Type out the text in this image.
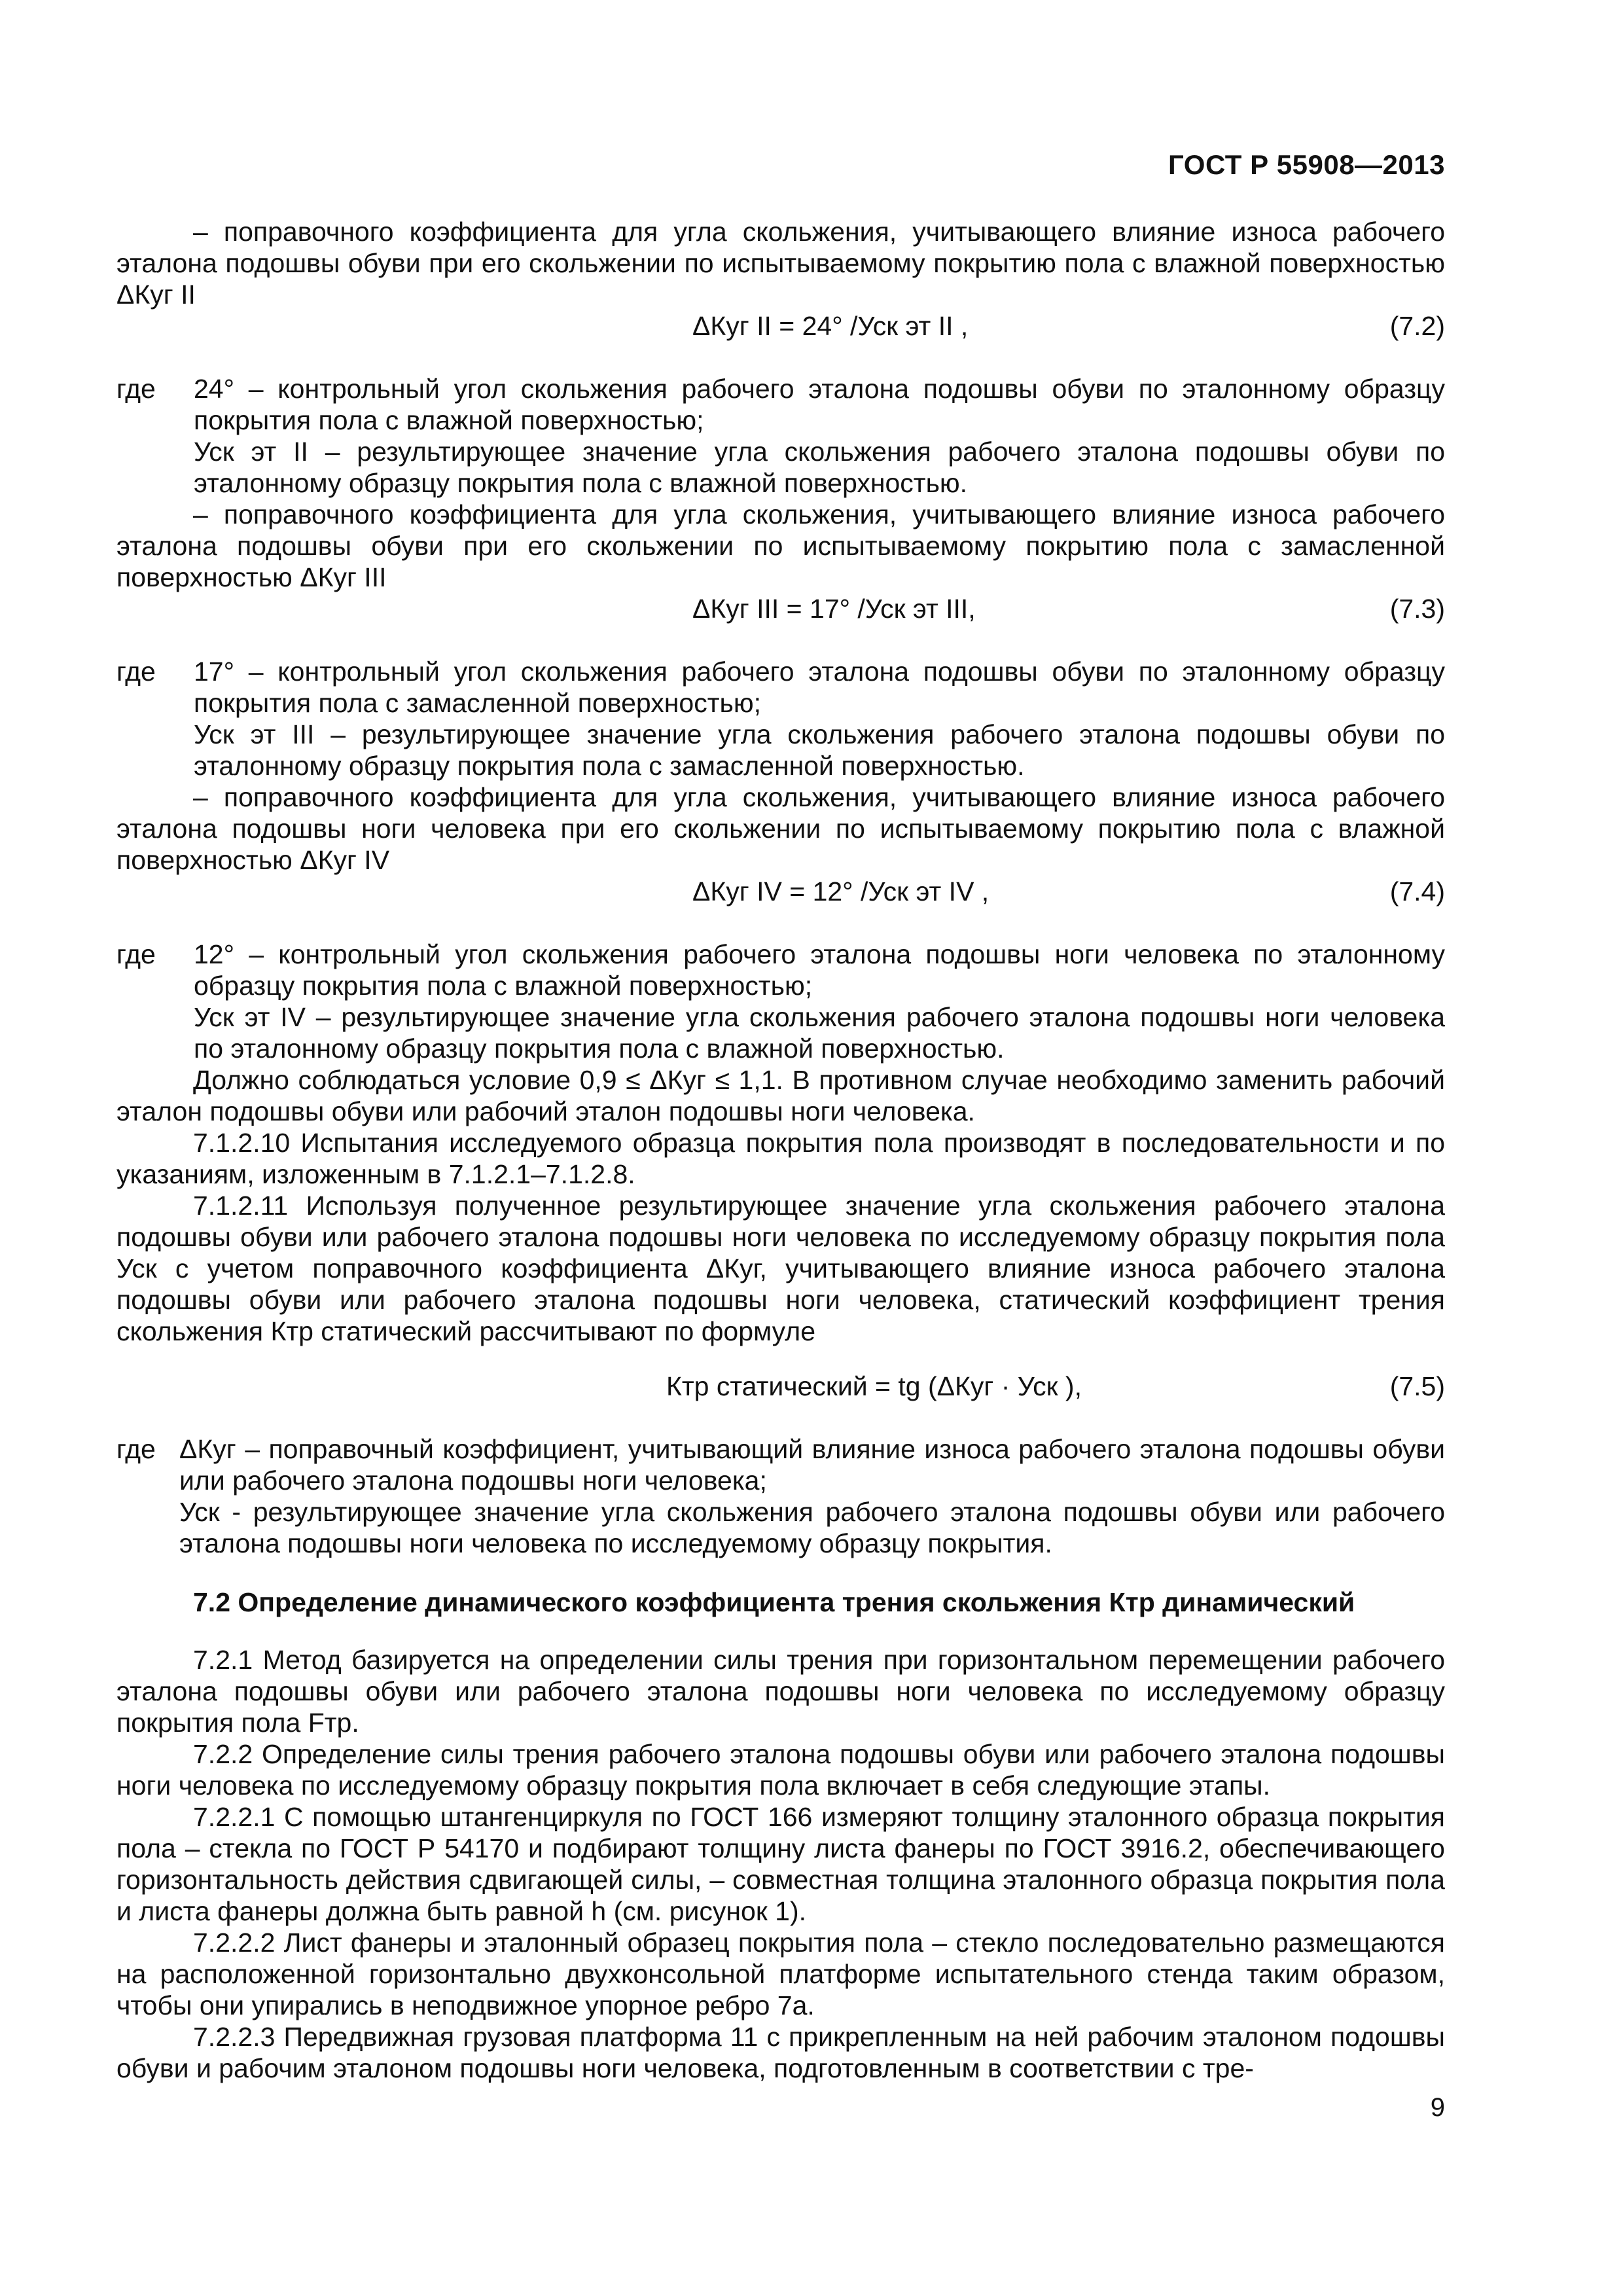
ГОСТ Р 55908—2013

– поправочного коэффициента для угла скольжения, учитывающего влияние износа рабочего эталона подошвы обуви при его скольжении по испытываемому покрытию пола с влажной поверхностью ΔКуг II

ΔКуг II = 24° /Уск эт II ,	(7.2)
где 24° – контрольный угол скольжения рабочего эталона подошвы обуви по эталонному образцу покрытия пола с влажной поверхностью;

Уск эт II – результирующее значение угла скольжения рабочего эталона подошвы обуви по эталонному образцу покрытия пола с влажной поверхностью.

– поправочного коэффициента для угла скольжения, учитывающего влияние износа рабочего эталона подошвы обуви при его скольжении по испытываемому покрытию пола с замасленной поверхностью ΔКуг III

ΔКуг III = 17° /Уск эт III,	(7.3)
где 17° – контрольный угол скольжения рабочего эталона подошвы обуви по эталонному образцу покрытия пола с замасленной поверхностью;

Уск эт III – результирующее значение угла скольжения рабочего эталона подошвы обуви по эталонному образцу покрытия пола с замасленной поверхностью.

– поправочного коэффициента для угла скольжения, учитывающего влияние износа рабочего эталона подошвы ноги человека при его скольжении по испытываемому покрытию пола с влажной поверхностью ΔКуг IV

ΔКуг IV = 12° /Уск эт IV ,	(7.4)
где 12° – контрольный угол скольжения рабочего эталона подошвы ноги человека по эталонному образцу покрытия пола с влажной поверхностью;

Уск эт IV – результирующее значение угла скольжения рабочего эталона подошвы ноги человека по эталонному образцу покрытия пола с влажной поверхностью.

Должно соблюдаться условие 0,9 ≤ ΔКуг ≤ 1,1. В противном случае необходимо заменить рабочий эталон подошвы обуви или рабочий эталон подошвы ноги человека.

7.1.2.10 Испытания исследуемого образца покрытия пола производят в последовательности и по указаниям, изложенным в 7.1.2.1–7.1.2.8.

7.1.2.11 Используя полученное результирующее значение угла скольжения рабочего эталона подошвы обуви или рабочего эталона подошвы ноги человека по исследуемому образцу покрытия пола Уск с учетом поправочного коэффициента ΔКуг, учитывающего влияние износа рабочего эталона подошвы обуви или рабочего эталона подошвы ноги человека, статический коэффициент трения скольжения Ктр статический рассчитывают по формуле

Ктр статический = tg (ΔКуг · Уск ),	(7.5)
где ΔКуг – поправочный коэффициент, учитывающий влияние износа рабочего эталона подошвы обуви или рабочего эталона подошвы ноги человека;

Уск - результирующее значение угла скольжения рабочего эталона подошвы обуви или рабочего эталона подошвы ноги человека по исследуемому образцу покрытия.

7.2 Определение динамического коэффициента трения скольжения Ктр динамический

7.2.1 Метод базируется на определении силы трения при горизонтальном перемещении рабочего эталона подошвы обуви или рабочего эталона подошвы ноги человека по исследуемому образцу покрытия пола Fтр.

7.2.2 Определение силы трения рабочего эталона подошвы обуви или рабочего эталона подошвы ноги человека по исследуемому образцу покрытия пола включает в себя следующие этапы.

7.2.2.1 С помощью штангенциркуля по ГОСТ 166 измеряют толщину эталонного образца покрытия пола – стекла по ГОСТ Р 54170 и подбирают толщину листа фанеры по ГОСТ 3916.2, обеспечивающего горизонтальность действия сдвигающей силы, – совместная толщина эталонного образца покрытия пола и листа фанеры должна быть равной h (см. рисунок 1).

7.2.2.2 Лист фанеры и эталонный образец покрытия пола – стекло последовательно размещаются на расположенной горизонтально двухконсольной платформе испытательного стенда таким образом, чтобы они упирались в неподвижное упорное ребро 7а.

7.2.2.3 Передвижная грузовая платформа 11 с прикрепленным на ней рабочим эталоном подошвы обуви и рабочим эталоном подошвы ноги человека, подготовленным в соответствии с тре-

9
